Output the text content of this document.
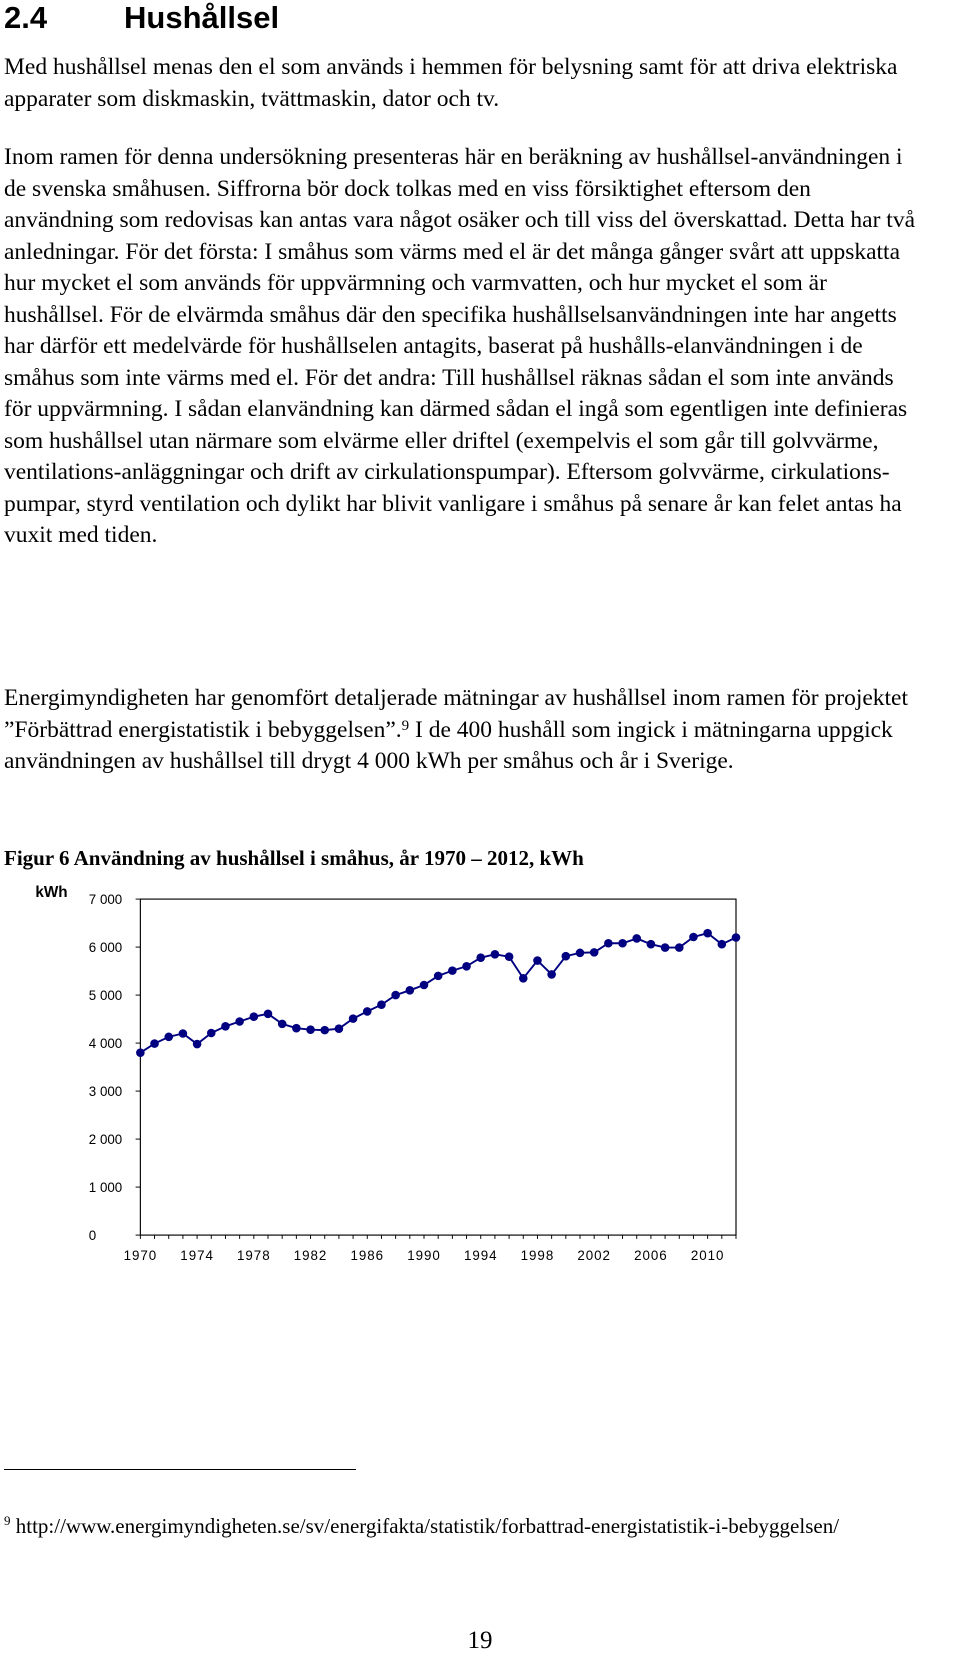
2.4 Hushållsel

Med hushållsel menas den el som används i hemmen för belysning samt för att driva elektriska apparater som diskmaskin, tvättmaskin, dator och tv.

Inom ramen för denna undersökning presenteras här en beräkning av hushållsel-användningen i de svenska småhusen. Siffrorna bör dock tolkas med en viss försiktighet eftersom den användning som redovisas kan antas vara något osäker och till viss del överskattad. Detta har två anledningar. För det första: I småhus som värms med el är det många gånger svårt att uppskatta hur mycket el som används för uppvärmning och varmvatten, och hur mycket el som är hushållsel. För de elvärmda småhus där den specifika hushållselsanvändningen inte har angetts har därför ett medelvärde för hushållselen antagits, baserat på hushålls-elanvändningen i de småhus som inte värms med el. För det andra: Till hushållsel räknas sådan el som inte används för uppvärmning. I sådan elanvändning kan därmed sådan el ingå som egentligen inte definieras som hushållsel utan närmare som elvärme eller driftel (exempelvis el som går till golvvärme, ventilations-anläggningar och drift av cirkulationspumpar). Eftersom golvvärme, cirkulations-pumpar, styrd ventilation och dylikt har blivit vanligare i småhus på senare år kan felet antas ha vuxit med tiden.

Energimyndigheten har genomfört detaljerade mätningar av hushållsel inom ramen för projektet ”Förbättrad energistatistik i bebyggelsen”.$^9$ I de 400 hushåll som ingick i mätningarna uppgick användningen av hushållsel till drygt 4 000 kWh per småhus och år i Sverige.

Figur 6 Användning av hushållsel i småhus, år 1970 – 2012, kWh

kWh
0
1 000
2 000
3 000
4 000
5 000
6 000
7 000
1970 1974 1978 1982 1986 1990 1994 1998 2002 2006 2010

$^9$ http://www.energimyndigheten.se/sv/energifakta/statistik/forbattrad-energistatistik-i-bebyggelsen/

19
